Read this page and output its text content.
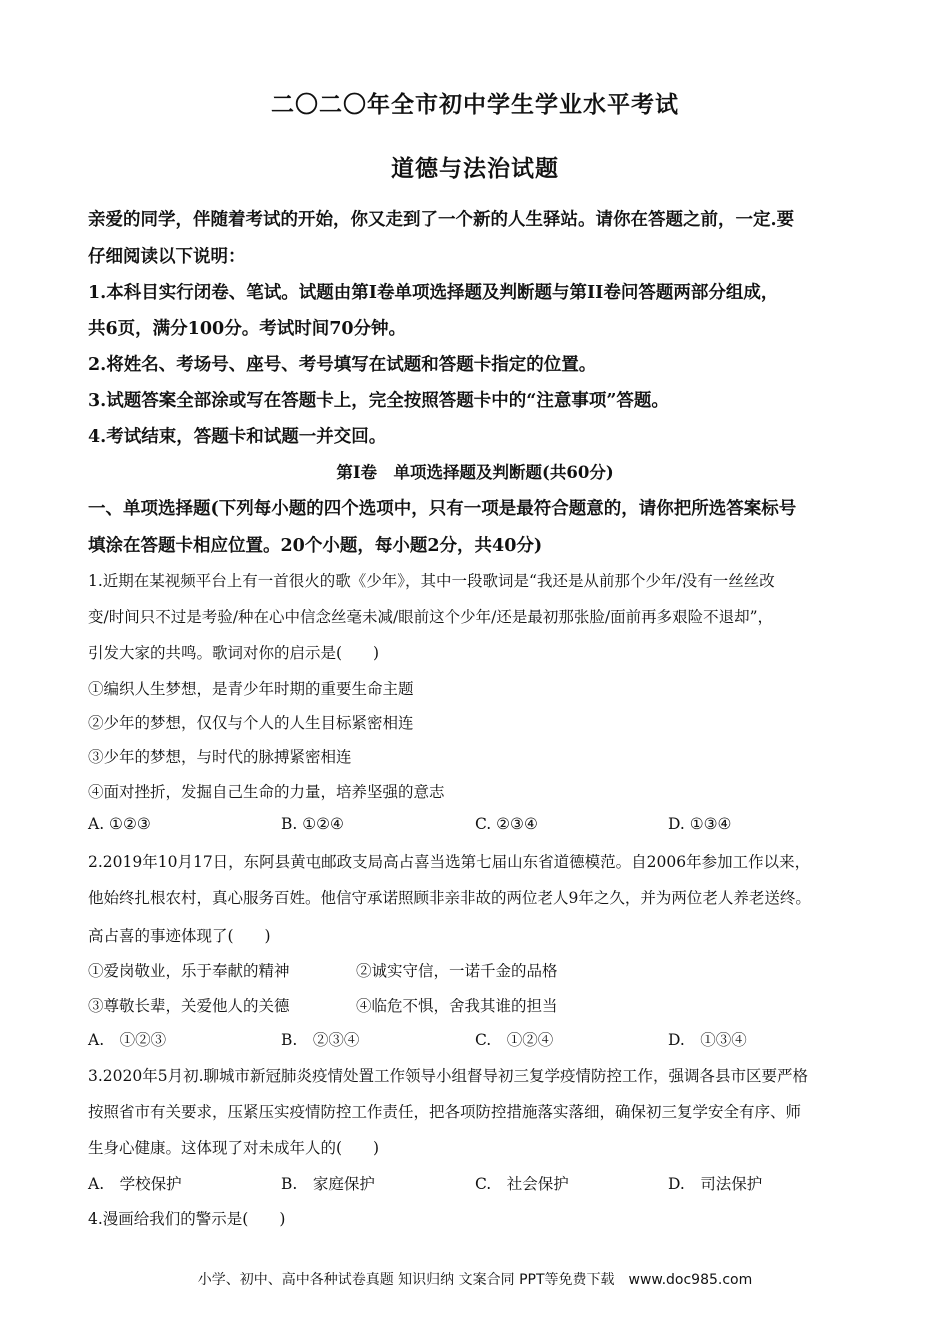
二〇二〇年全市初中学生学业水平考试
道德与法治试题
亲爱的同学，伴随着考试的开始，你又走到了一个新的人生驿站。请你在答题之前，一定.要
仔细阅读以下说明：
1.本科目实行闭卷、笔试。试题由第Ⅰ卷单项选择题及判断题与第II卷问答题两部分组成，
共6页，满分100分。考试时间70分钟。
2.将姓名、考场号、座号、考号填写在试题和答题卡指定的位置。
3.试题答案全部涂或写在答题卡上，完全按照答题卡中的“注意事项”答题。
4.考试结束，答题卡和试题一并交回。
第Ⅰ卷　单项选择题及判断题(共60分)
一、单项选择题(下列每小题的四个选项中，只有一项是最符合题意的，请你把所选答案标号
填涂在答题卡相应位置。20个小题，每小题2分，共40分)
1.近期在某视频平台上有一首很火的歌《少年》，其中一段歌词是“我还是从前那个少年/没有一丝丝改
变/时间只不过是考验/种在心中信念丝毫未减/眼前这个少年/还是最初那张脸/面前再多艰险不退却”，
引发大家的共鸣。歌词对你的启示是(　　)
①编织人生梦想，是青少年时期的重要生命主题
②少年的梦想，仅仅与个人的人生目标紧密相连
③少年的梦想，与时代的脉搏紧密相连
④面对挫折，发掘自己生命的力量，培养坚强的意志
A. ①②③	B. ①②④	C. ②③④	D. ①③④
2.2019年10月17日，东阿县黄屯邮政支局高占喜当选第七届山东省道德模范。自2006年参加工作以来，
他始终扎根农村，真心服务百姓。他信守承诺照顾非亲非故的两位老人9年之久，并为两位老人养老送终。
高占喜的事迹体现了(　　)
①爱岗敬业，乐于奉献的精神	②诚实守信，一诺千金的品格
③尊敬长辈，关爱他人的关德	④临危不惧，舍我其谁的担当
A.　①②③	B.　②③④	C.　①②④	D.　①③④
3.2020年5月初.聊城市新冠肺炎疫情处置工作领导小组督导初三复学疫情防控工作，强调各县市区要严格
按照省市有关要求，压紧压实疫情防控工作责任，把各项防控措施落实落细，确保初三复学安全有序、师
生身心健康。这体现了对未成年人的(　　)
A.　学校保护	B.　家庭保护	C.　社会保护	D.　司法保护
4.漫画给我们的警示是(　　)
小学、初中、高中各种试卷真题 知识归纳 文案合同 PPT等免费下载　www.doc985.com
